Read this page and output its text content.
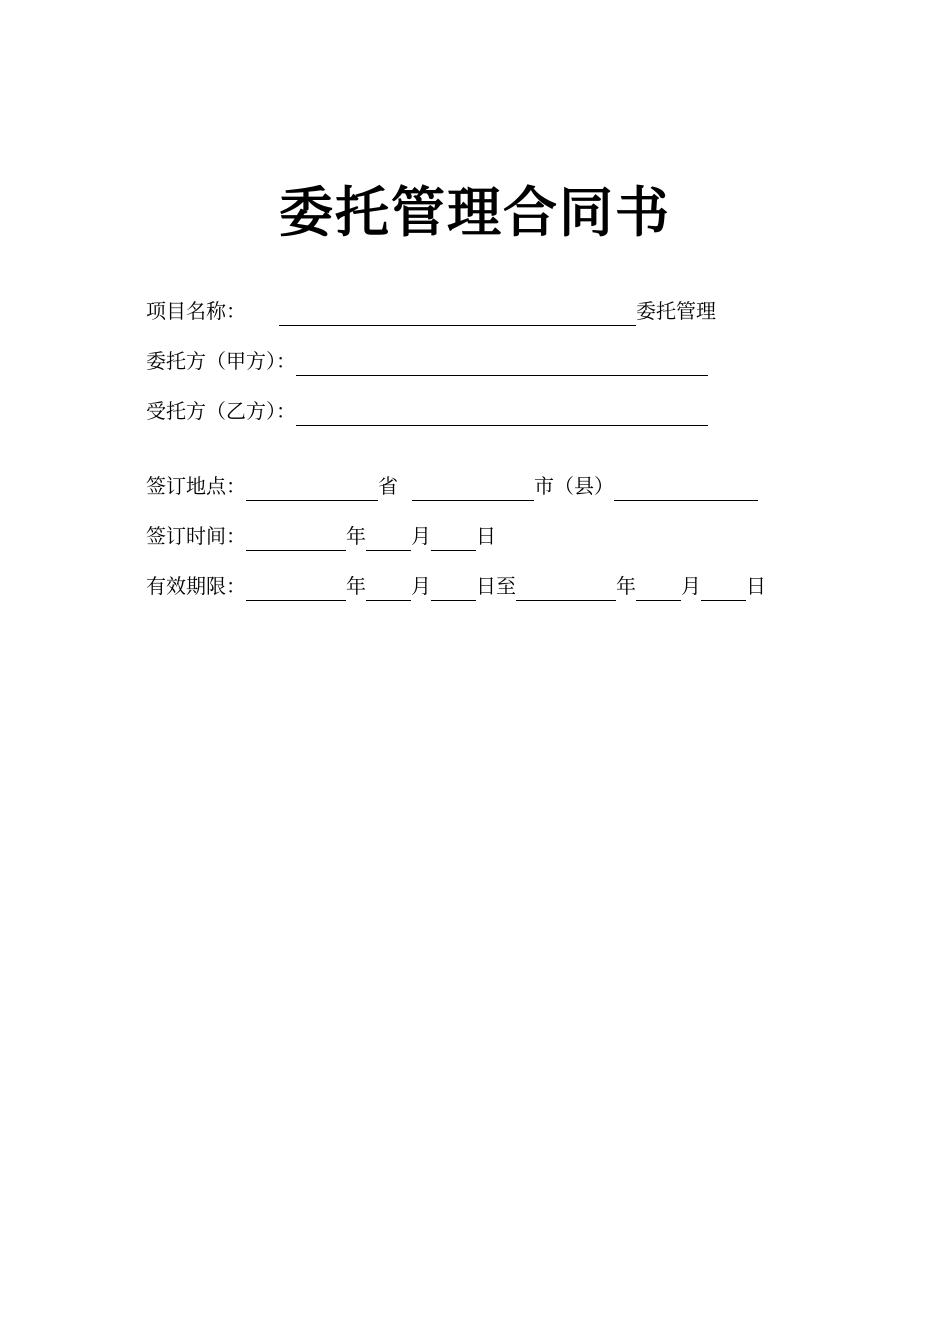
委托管理合同书
项目名称：	委托管理
委托方（甲方）：
受托方（乙方）：
签订地点：	省	市（县）
签订时间：	年 月 日
有效期限：	年 月 日至	年 月 日
